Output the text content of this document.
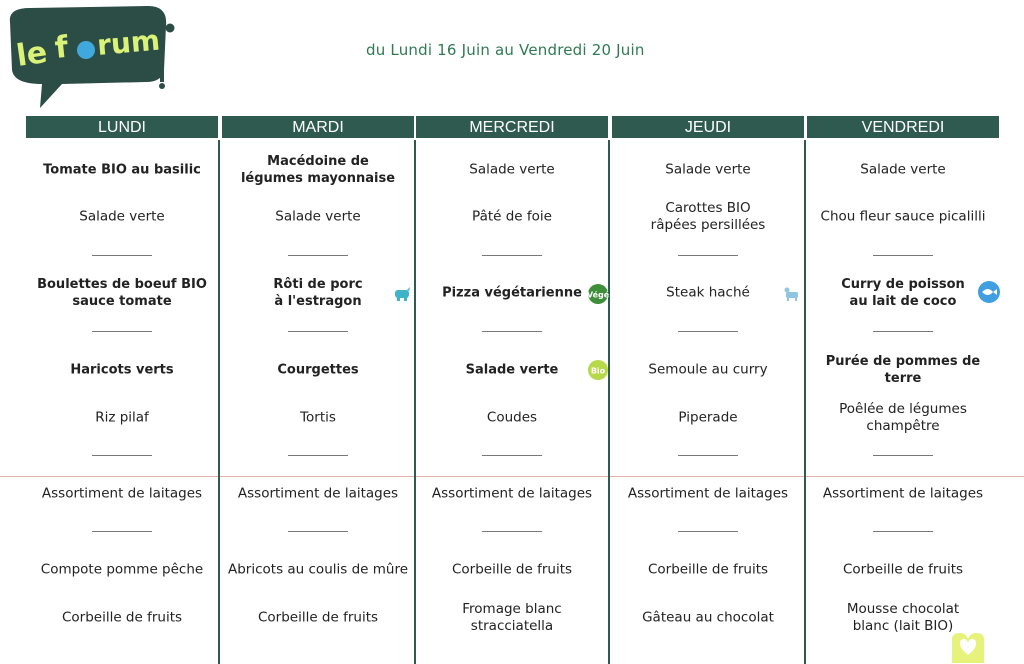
le f rum	du Lundi 16 Juin au Vendredi 20 Juin
LUNDI
Tomate BIO au basilic
Salade verte
Boulettes de boeuf BIO
sauce tomate
Haricots verts
Riz pilaf
Assortiment de laitages
Compote pomme pêche
Corbeille de fruits
MARDI
Macédoine de
légumes mayonnaise
Salade verte
Rôti de porc
à l'estragon
Courgettes
Tortis
Assortiment de laitages
Abricots au coulis de mûre
Corbeille de fruits
MERCREDI
Salade verte
Pâté de foie
Pizza végétarienne
Salade verte
Coudes
Assortiment de laitages
Corbeille de fruits
Fromage blanc
stracciatella
JEUDI
Salade verte
Carottes BIO
râpées persillées
Steak haché
Semoule au curry
Piperade
Assortiment de laitages
Corbeille de fruits
Gâteau au chocolat
VENDREDI
Salade verte
Chou fleur sauce picalilli
Curry de poisson
au lait de coco
Purée de pommes de
terre
Poêlée de légumes
champêtre
Assortiment de laitages
Corbeille de fruits
Mousse chocolat
blanc (lait BIO)
Végé
Bio
